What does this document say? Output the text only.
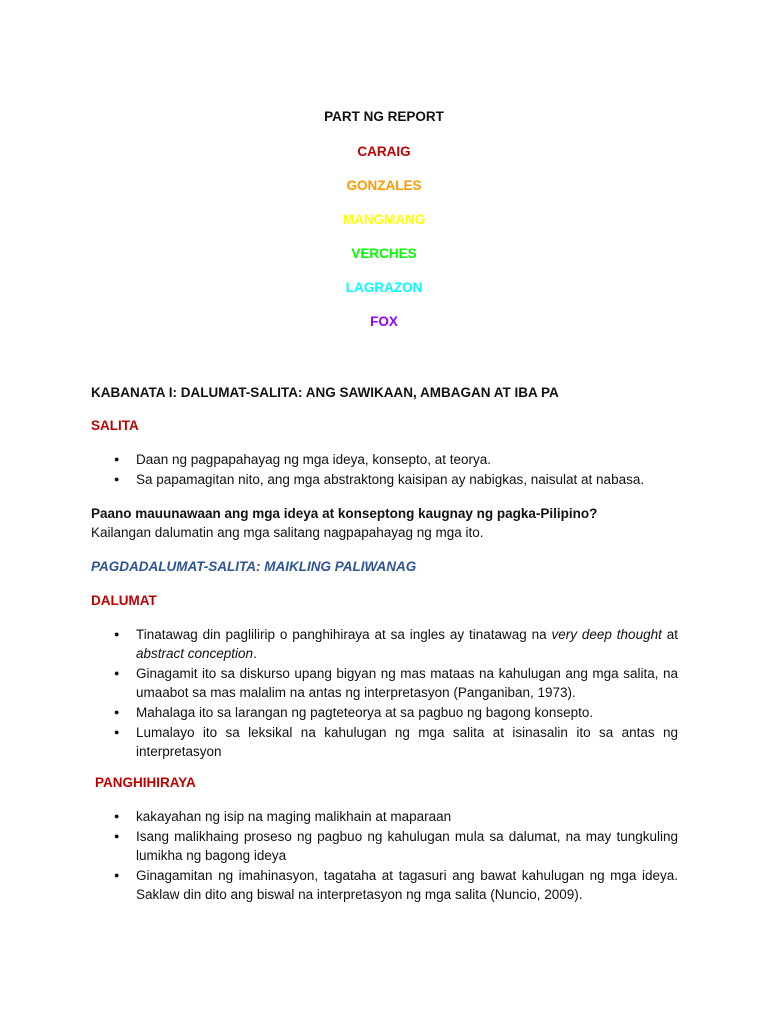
PART NG REPORT
CARAIG
GONZALES
MANGMANG
VERCHES
LAGRAZON
FOX
KABANATA I: DALUMAT-SALITA: ANG SAWIKAAN, AMBAGAN AT IBA PA
SALITA
● Daan ng pagpapahayag ng mga ideya, konsepto, at teorya.
● Sa papamagitan nito, ang mga abstraktong kaisipan ay nabigkas, naisulat at nabasa.
Paano mauunawaan ang mga ideya at konseptong kaugnay ng pagka-Pilipino?
Kailangan dalumatin ang mga salitang nagpapahayag ng mga ito.
PAGDADALUMAT-SALITA: MAIKLING PALIWANAG
DALUMAT
● Tinatawag din paglilirip o panghihiraya at sa ingles ay tinatawag na very deep thought at abstract conception.
● Ginagamit ito sa diskurso upang bigyan ng mas mataas na kahulugan ang mga salita, na umaabot sa mas malalim na antas ng interpretasyon (Panganiban, 1973).
● Mahalaga ito sa larangan ng pagteteorya at sa pagbuo ng bagong konsepto.
● Lumalayo ito sa leksikal na kahulugan ng mga salita at isinasalin ito sa antas ng interpretasyon
PANGHIHIRAYA
● kakayahan ng isip na maging malikhain at maparaan
● Isang malikhaing proseso ng pagbuo ng kahulugan mula sa dalumat, na may tungkuling lumikha ng bagong ideya
● Ginagamitan ng imahinasyon, tagataha at tagasuri ang bawat kahulugan ng mga ideya. Saklaw din dito ang biswal na interpretasyon ng mga salita (Nuncio, 2009).
